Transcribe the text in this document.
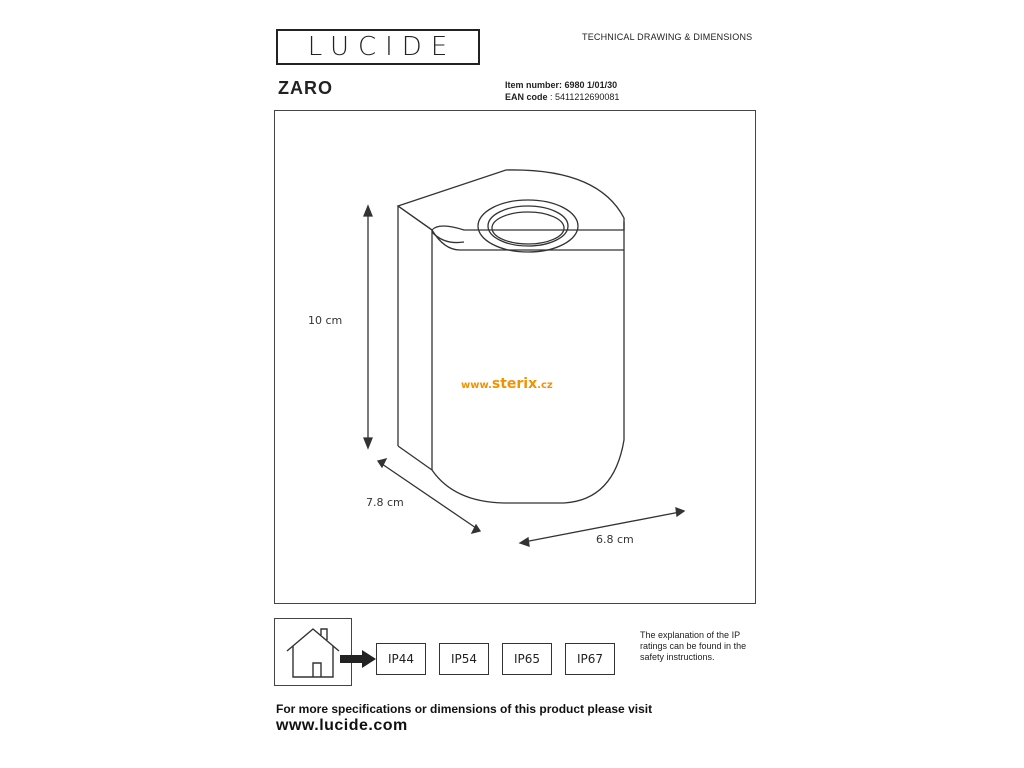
LUCIDE	TECHNICAL DRAWING & DIMENSIONS
ZARO	Item number: 6980 1/01/30
EAN code : 5411212690081
10 cm
7.8 cm
6.8 cm
www.sterix.cz
IP44	IP54	IP65	IP67
The explanation of the IP ratings can be found in the safety instructions.
For more specifications or dimensions of this product please visit
www.lucide.com
